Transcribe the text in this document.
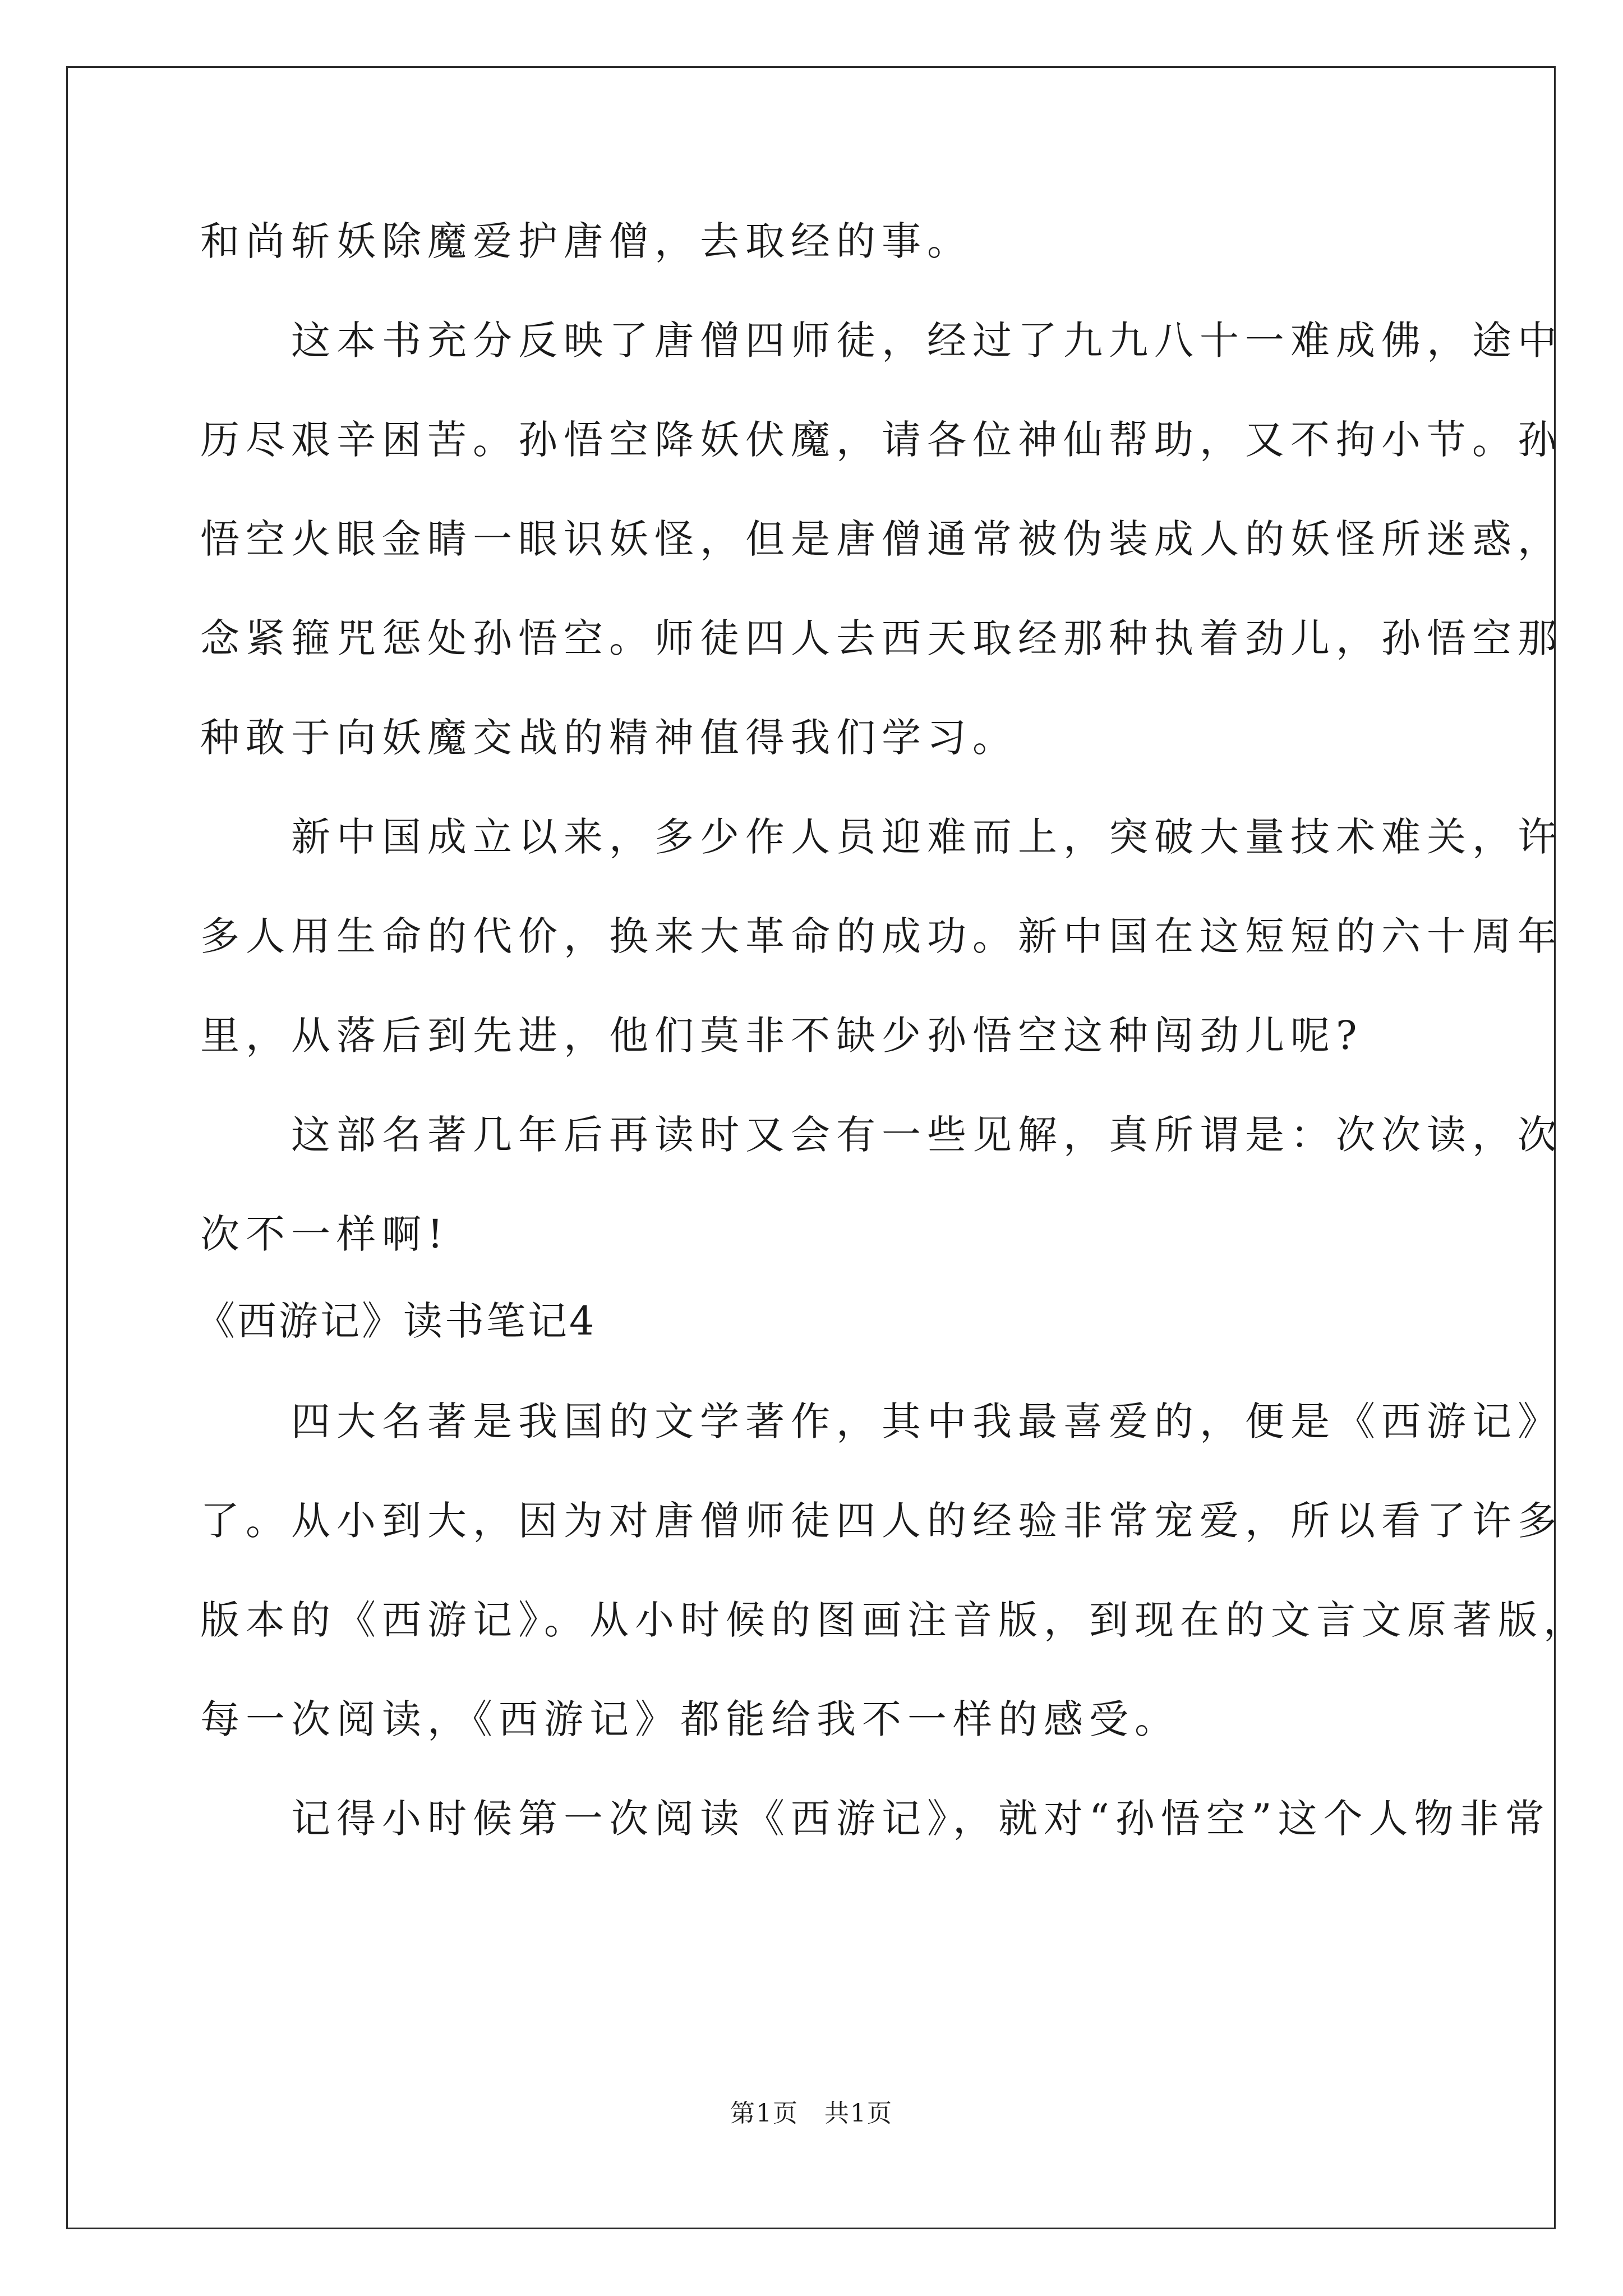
和尚斩妖除魔爱护唐僧，去取经的事。
　　这本书充分反映了唐僧四师徒，经过了九九八十一难成佛，途中
历尽艰辛困苦。孙悟空降妖伏魔，请各位神仙帮助，又不拘小节。孙
悟空火眼金睛一眼识妖怪，但是唐僧通常被伪装成人的妖怪所迷惑，
念紧箍咒惩处孙悟空。师徒四人去西天取经那种执着劲儿，孙悟空那
种敢于向妖魔交战的精神值得我们学习。
　　新中国成立以来，多少作人员迎难而上，突破大量技术难关，许
多人用生命的代价，换来大革命的成功。新中国在这短短的六十周年
里，从落后到先进，他们莫非不缺少孙悟空这种闯劲儿呢?
　　这部名著几年后再读时又会有一些见解，真所谓是：次次读，次
次不一样啊!
《西游记》读书笔记4
　　四大名著是我国的文学著作，其中我最喜爱的，便是《西游记》
了。从小到大，因为对唐僧师徒四人的经验非常宠爱，所以看了许多
版本的《西游记》。从小时候的图画注音版，到现在的文言文原著版，
每一次阅读，《西游记》都能给我不一样的感受。
　　记得小时候第一次阅读《西游记》，就对“孙悟空”这个人物非常
第1页　共1页
